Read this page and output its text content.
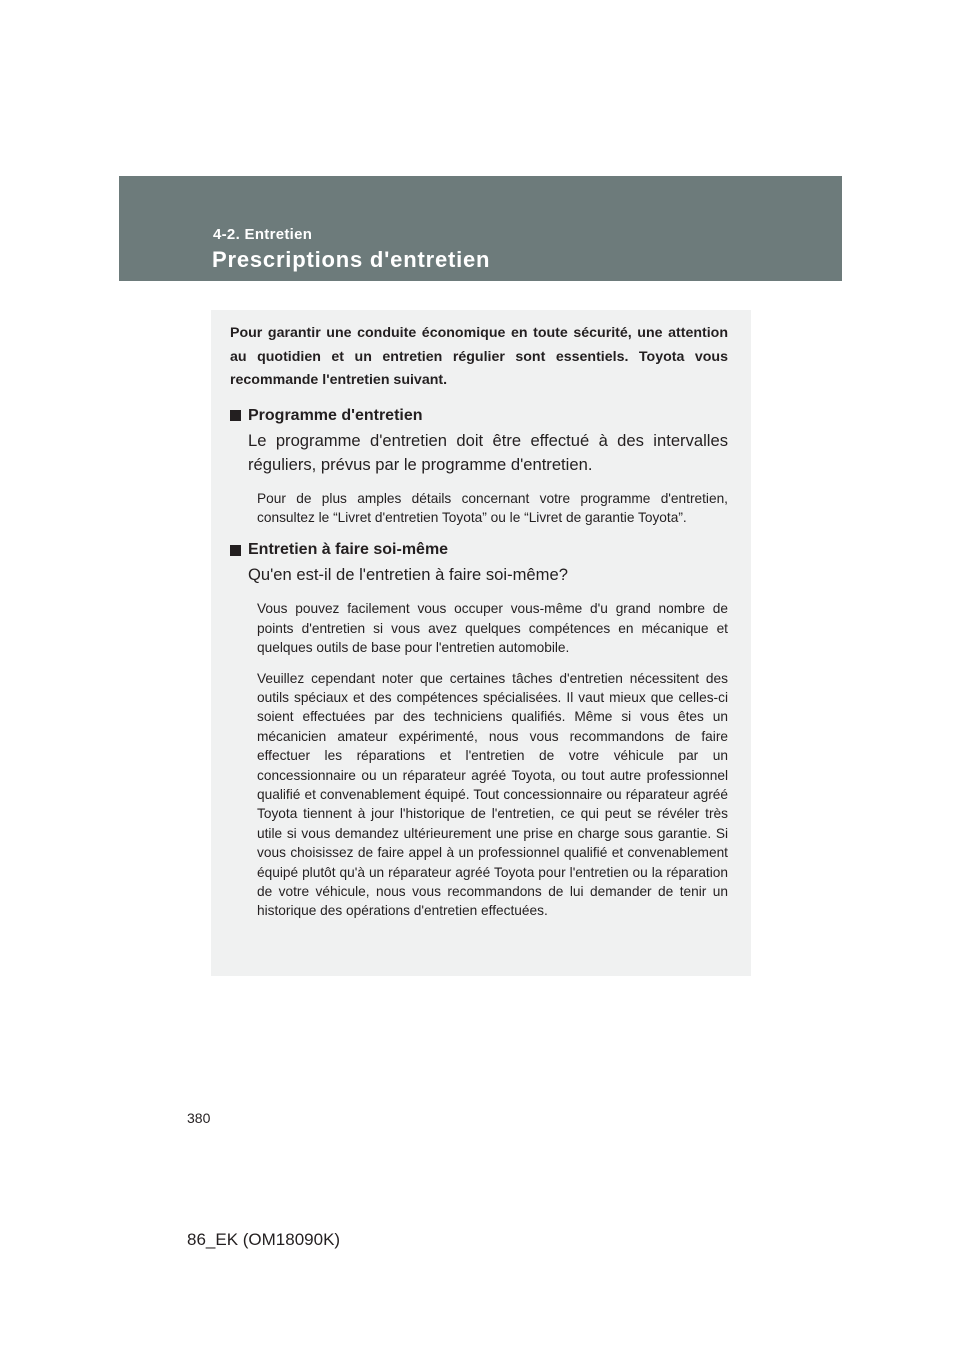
4-2. Entretien
Prescriptions d'entretien

Pour garantir une conduite économique en toute sécurité, une attention au quotidien et un entretien régulier sont essentiels. Toyota vous recommande l'entretien suivant.

Programme d'entretien

Le programme d'entretien doit être effectué à des intervalles réguliers, prévus par le programme d'entretien.

Pour de plus amples détails concernant votre programme d'entretien, consultez le “Livret d'entretien Toyota” ou le “Livret de garantie Toyota”.

Entretien à faire soi-même

Qu'en est-il de l'entretien à faire soi-même?

Vous pouvez facilement vous occuper vous-même d'u grand nombre de points d'entretien si vous avez quelques compétences en mécanique et quelques outils de base pour l'entretien automobile.

Veuillez cependant noter que certaines tâches d'entretien nécessitent des outils spéciaux et des compétences spécialisées. Il vaut mieux que celles-ci soient effectuées par des techniciens qualifiés. Même si vous êtes un mécanicien amateur expérimenté, nous vous recommandons de faire effectuer les réparations et l'entretien de votre véhicule par un concessionnaire ou un réparateur agréé Toyota, ou tout autre professionnel qualifié et convenablement équipé. Tout concessionnaire ou réparateur agréé Toyota tiennent à jour l'historique de l'entretien, ce qui peut se révéler très utile si vous demandez ultérieurement une prise en charge sous garantie. Si vous choisissez de faire appel à un professionnel qualifié et convenablement équipé plutôt qu'à un réparateur agréé Toyota pour l'entretien ou la réparation de votre véhicule, nous vous recommandons de lui demander de tenir un historique des opérations d'entretien effectuées.

380
86_EK (OM18090K)
